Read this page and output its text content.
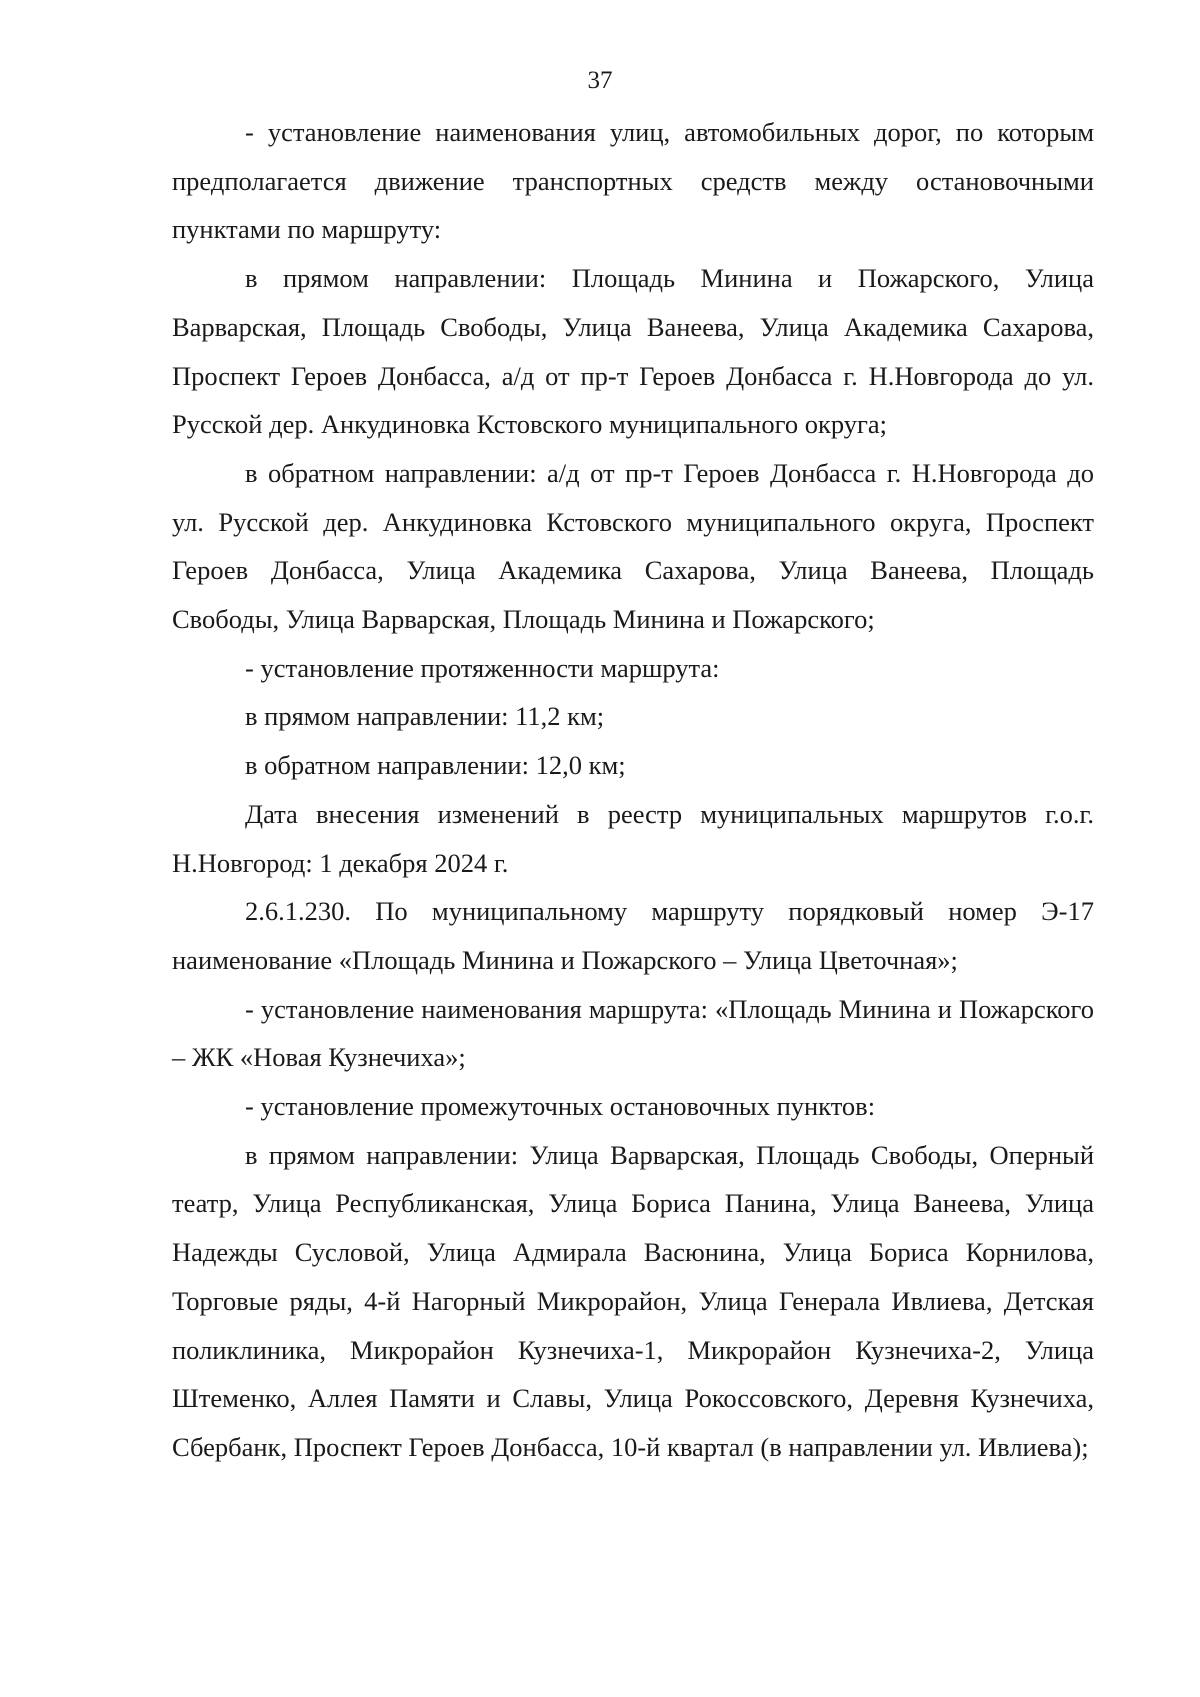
37

- установление наименования улиц, автомобильных дорог, по которым предполагается движение транспортных средств между остановочными пунктами по маршруту:

в прямом направлении: Площадь Минина и Пожарского, Улица Варварская, Площадь Свободы, Улица Ванеева, Улица Академика Сахарова, Проспект Героев Донбасса, а/д от пр-т Героев Донбасса г. Н.Новгорода до ул. Русской дер. Анкудиновка Кстовского муниципального округа;

в обратном направлении: а/д от пр-т Героев Донбасса г. Н.Новгорода до ул. Русской дер. Анкудиновка Кстовского муниципального округа, Проспект Героев Донбасса, Улица Академика Сахарова, Улица Ванеева, Площадь Свободы, Улица Варварская, Площадь Минина и Пожарского;

- установление протяженности маршрута:

в прямом направлении: 11,2 км;

в обратном направлении: 12,0 км;

Дата внесения изменений в реестр муниципальных маршрутов г.о.г. Н.Новгород: 1 декабря 2024 г.

2.6.1.230. По муниципальному маршруту порядковый номер Э-17 наименование «Площадь Минина и Пожарского – Улица Цветочная»;

- установление наименования маршрута: «Площадь Минина и Пожарского – ЖК «Новая Кузнечиха»;

- установление промежуточных остановочных пунктов:

в прямом направлении: Улица Варварская, Площадь Свободы, Оперный театр, Улица Республиканская, Улица Бориса Панина, Улица Ванеева, Улица Надежды Сусловой, Улица Адмирала Васюнина, Улица Бориса Корнилова, Торговые ряды, 4-й Нагорный Микрорайон, Улица Генерала Ивлиева, Детская поликлиника, Микрорайон Кузнечиха-1, Микрорайон Кузнечиха-2, Улица Штеменко, Аллея Памяти и Славы, Улица Рокоссовского, Деревня Кузнечиха, Сбербанк, Проспект Героев Донбасса, 10-й квартал (в направлении ул. Ивлиева);
